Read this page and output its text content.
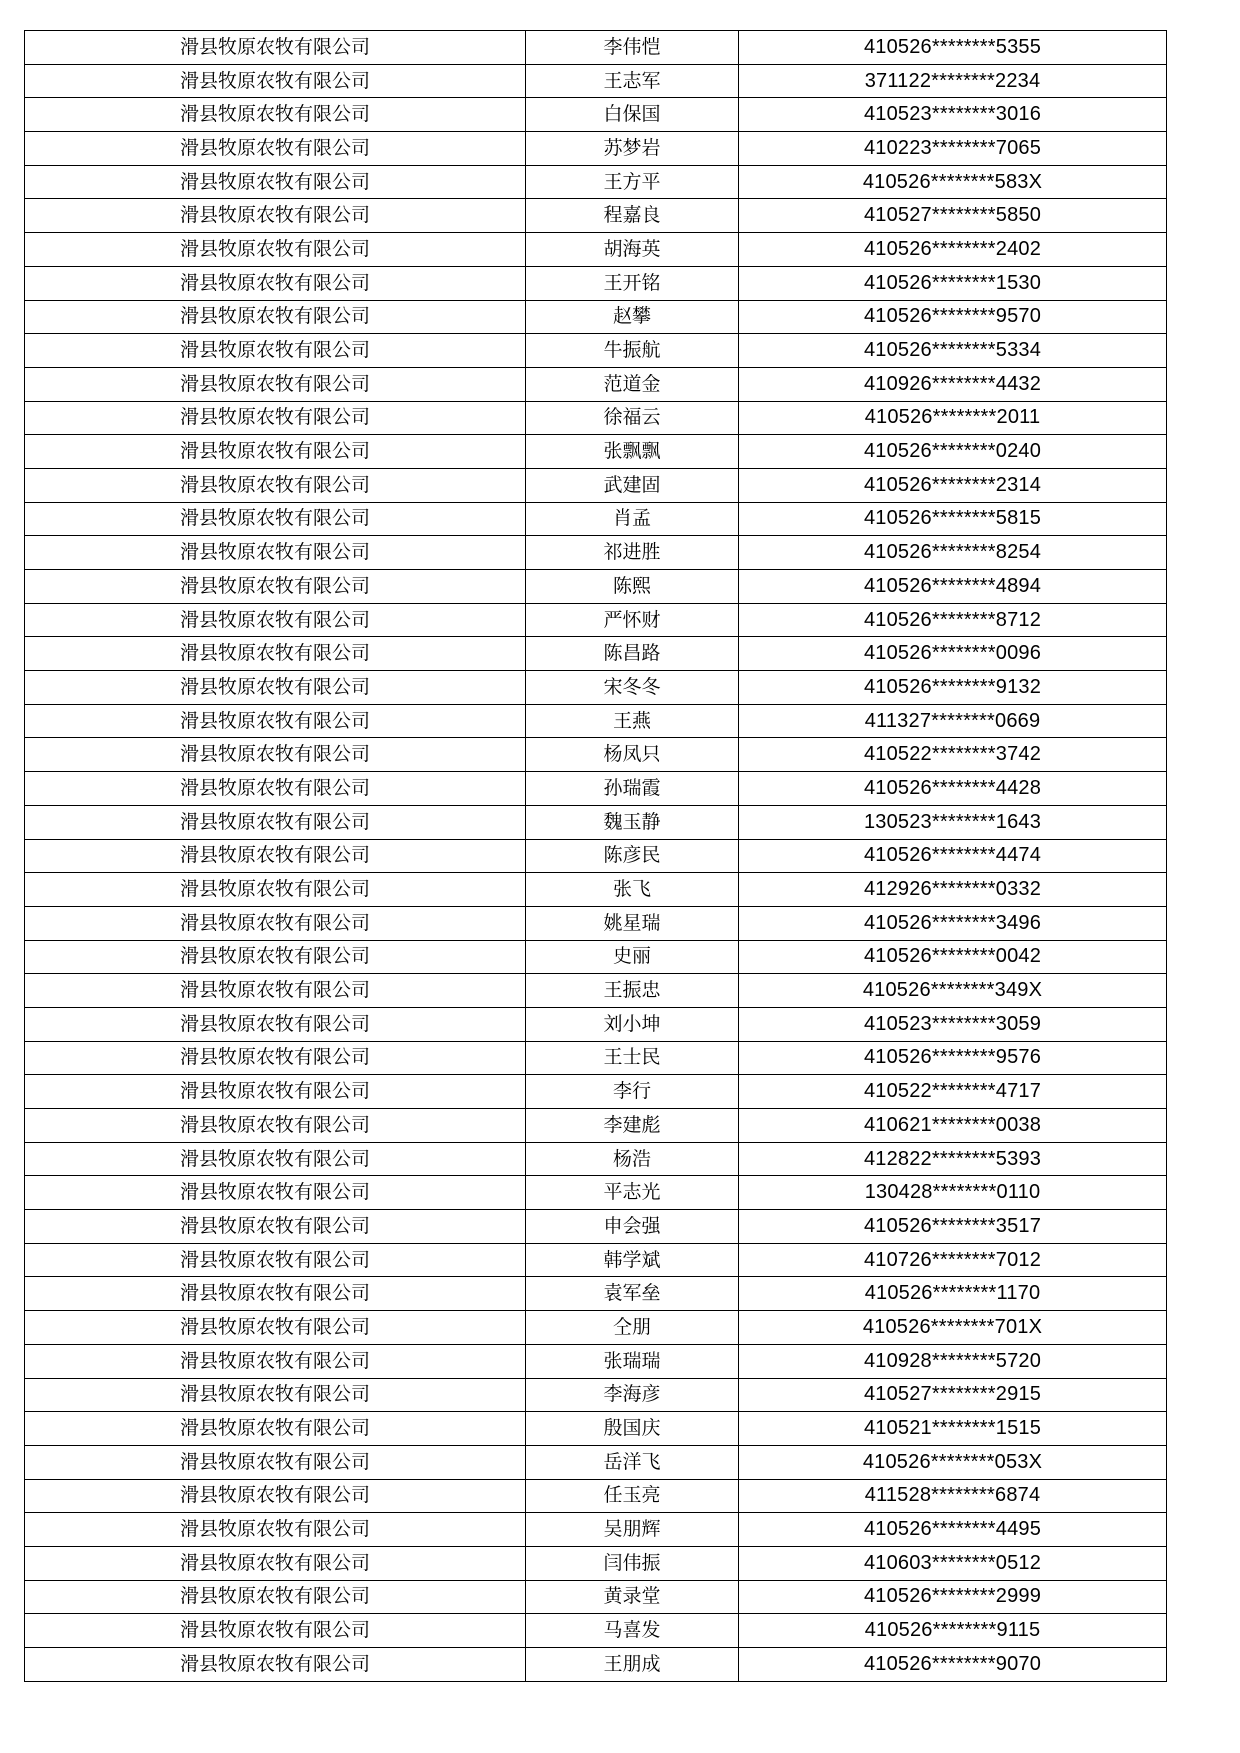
滑县牧原农牧有限公司	李伟恺	410526********5355
滑县牧原农牧有限公司	王志军	371122********2234
滑县牧原农牧有限公司	白保国	410523********3016
滑县牧原农牧有限公司	苏梦岩	410223********7065
滑县牧原农牧有限公司	王方平	410526********583X
滑县牧原农牧有限公司	程嘉良	410527********5850
滑县牧原农牧有限公司	胡海英	410526********2402
滑县牧原农牧有限公司	王开铭	410526********1530
滑县牧原农牧有限公司	赵攀	410526********9570
滑县牧原农牧有限公司	牛振航	410526********5334
滑县牧原农牧有限公司	范道金	410926********4432
滑县牧原农牧有限公司	徐福云	410526********2011
滑县牧原农牧有限公司	张飘飘	410526********0240
滑县牧原农牧有限公司	武建固	410526********2314
滑县牧原农牧有限公司	肖孟	410526********5815
滑县牧原农牧有限公司	祁进胜	410526********8254
滑县牧原农牧有限公司	陈熙	410526********4894
滑县牧原农牧有限公司	严怀财	410526********8712
滑县牧原农牧有限公司	陈昌路	410526********0096
滑县牧原农牧有限公司	宋冬冬	410526********9132
滑县牧原农牧有限公司	王燕	411327********0669
滑县牧原农牧有限公司	杨凤只	410522********3742
滑县牧原农牧有限公司	孙瑞霞	410526********4428
滑县牧原农牧有限公司	魏玉静	130523********1643
滑县牧原农牧有限公司	陈彦民	410526********4474
滑县牧原农牧有限公司	张飞	412926********0332
滑县牧原农牧有限公司	姚星瑞	410526********3496
滑县牧原农牧有限公司	史丽	410526********0042
滑县牧原农牧有限公司	王振忠	410526********349X
滑县牧原农牧有限公司	刘小坤	410523********3059
滑县牧原农牧有限公司	王士民	410526********9576
滑县牧原农牧有限公司	李行	410522********4717
滑县牧原农牧有限公司	李建彪	410621********0038
滑县牧原农牧有限公司	杨浩	412822********5393
滑县牧原农牧有限公司	平志光	130428********0110
滑县牧原农牧有限公司	申会强	410526********3517
滑县牧原农牧有限公司	韩学斌	410726********7012
滑县牧原农牧有限公司	袁军垒	410526********1170
滑县牧原农牧有限公司	仝朋	410526********701X
滑县牧原农牧有限公司	张瑞瑞	410928********5720
滑县牧原农牧有限公司	李海彦	410527********2915
滑县牧原农牧有限公司	殷国庆	410521********1515
滑县牧原农牧有限公司	岳洋飞	410526********053X
滑县牧原农牧有限公司	任玉亮	411528********6874
滑县牧原农牧有限公司	吴朋辉	410526********4495
滑县牧原农牧有限公司	闫伟振	410603********0512
滑县牧原农牧有限公司	黄录堂	410526********2999
滑县牧原农牧有限公司	马喜发	410526********9115
滑县牧原农牧有限公司	王朋成	410526********9070
